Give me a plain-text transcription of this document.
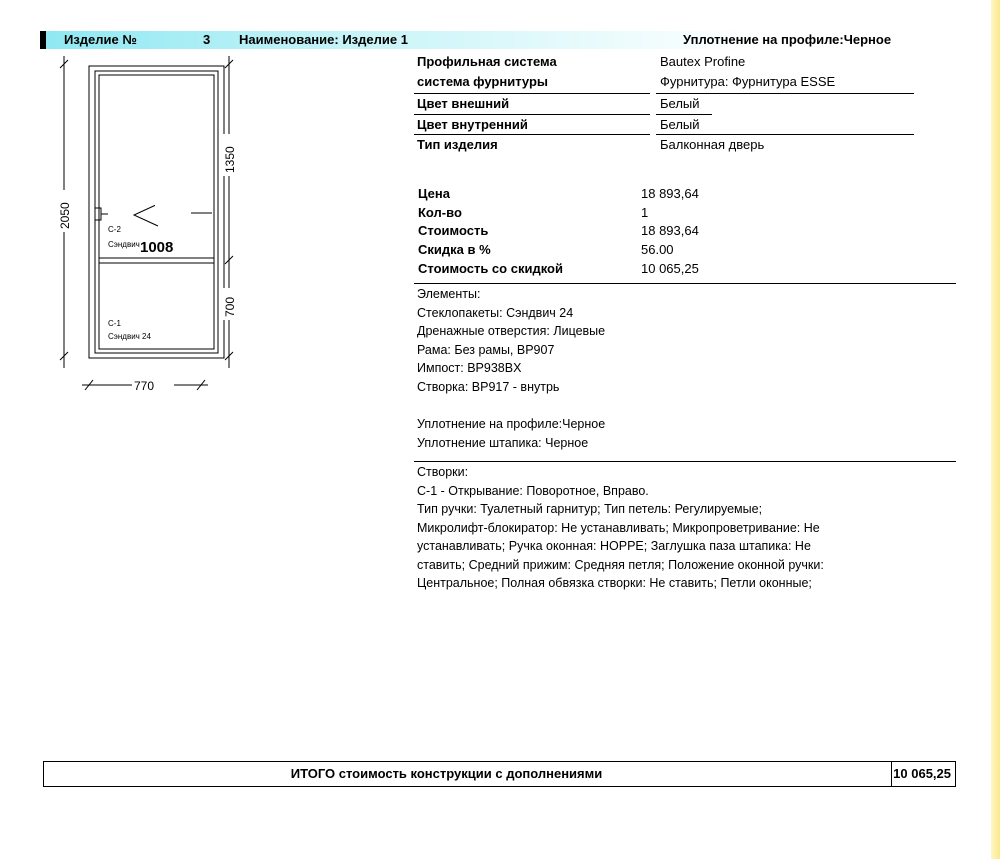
Изделие №	3 Наименование: Изделие 1	Уплотнение на профиле:Черное
2050
1350
700
770
С-2
Сэндвич
С-1
Сэндвич 24
1008
Профильная система	Bautex Profine
система фурнитуры	Фурнитура: Фурнитура ESSE
Цвет внешний	Белый
Цвет внутренний	Белый
Тип изделия	Балконная дверь
Цена	18 893,64
Кол-во	1
Стоимость	18 893,64
Скидка в %	56.00
Стоимость со скидкой	10 065,25
Элементы:
Стеклопакеты: Сэндвич 24
Дренажные отверстия: Лицевые
Рама: Без рамы, BP907
Импост: BP938BX
Створка: BP917 - внутрь
Уплотнение на профиле:Черное
Уплотнение штапика: Черное
Створки:
С-1 - Открывание: Поворотное, Вправо.
Тип ручки: Туалетный гарнитур; Тип петель: Регулируемые;
Микролифт-блокиратор: Не устанавливать; Микропроветривание: Не
устанавливать; Ручка оконная: HOPPE; Заглушка паза штапика: Не
ставить; Средний прижим: Средняя петля; Положение оконной ручки:
Центральное; Полная обвязка створки: Не ставить; Петли оконные;
ИТОГО стоимость конструкции с дополнениями	10 065,25
